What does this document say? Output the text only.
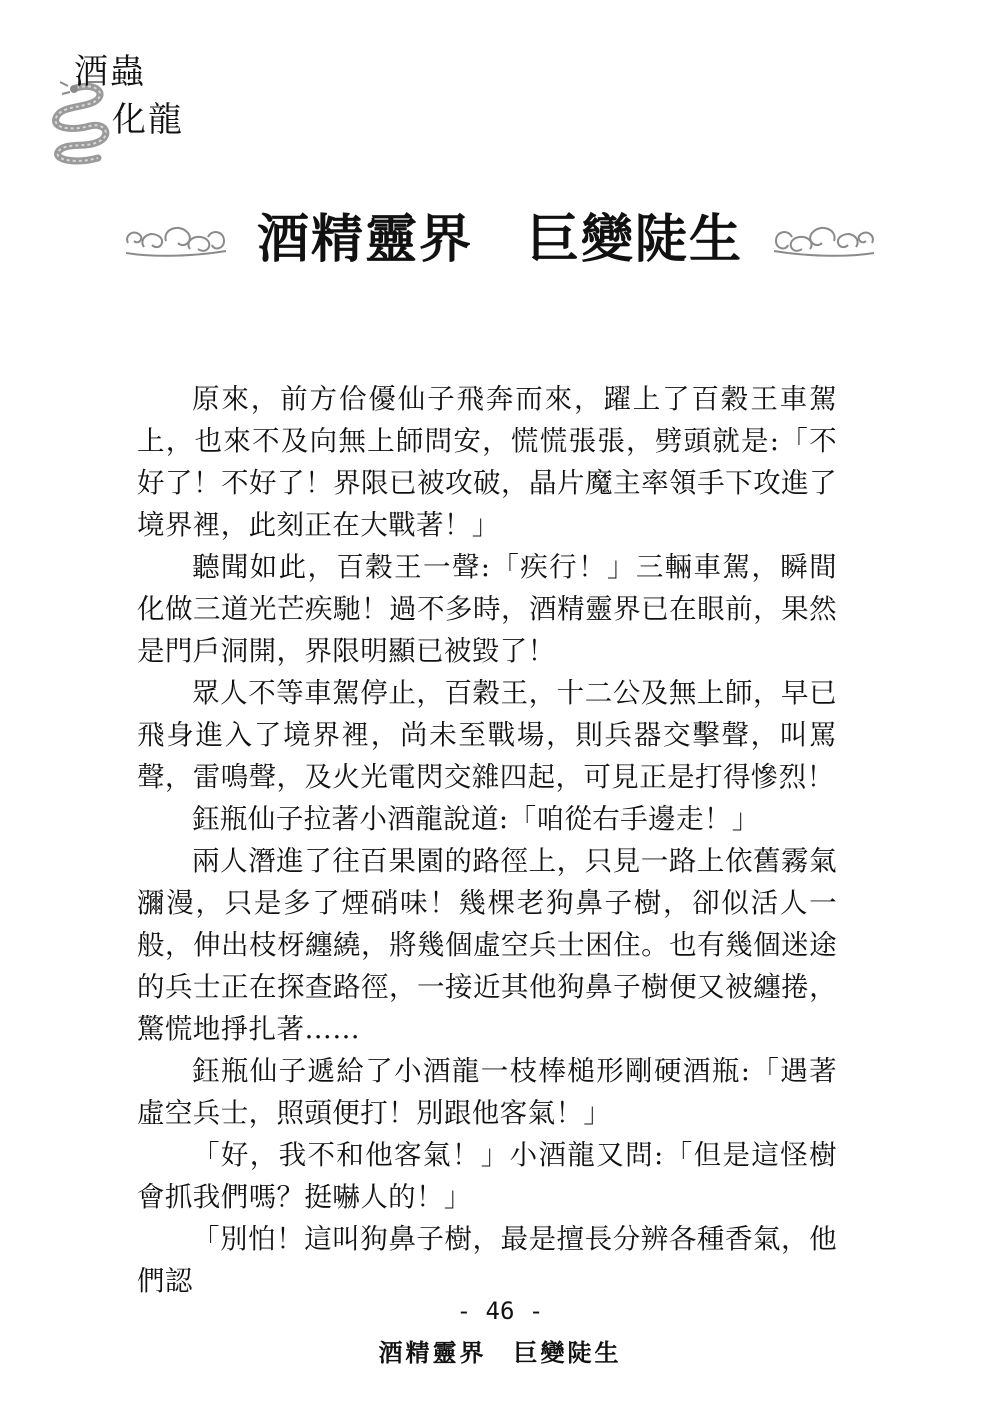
酒蟲
化龍
酒精靈界　巨變陡生

原來，前方佮優仙子飛奔而來，躍上了百穀王車駕上，也來不及向無上師問安，慌慌張張，劈頭就是:「不好了！不好了！界限已被攻破，晶片魔主率領手下攻進了境界裡，此刻正在大戰著！」

聽聞如此，百穀王一聲:「疾行！」三輛車駕，瞬間化做三道光芒疾馳！過不多時，酒精靈界已在眼前，果然是門戶洞開，界限明顯已被毀了！

眾人不等車駕停止，百穀王，十二公及無上師，早已飛身進入了境界裡，尚未至戰場，則兵器交擊聲，叫罵聲，雷鳴聲，及火光電閃交雜四起，可見正是打得慘烈！

鈺瓶仙子拉著小酒龍說道:「咱從右手邊走！」

兩人潛進了往百果園的路徑上，只見一路上依舊霧氣瀰漫，只是多了煙硝味！幾棵老狗鼻子樹，卻似活人一般，伸出枝枒纏繞，將幾個虛空兵士困住。也有幾個迷途的兵士正在探查路徑，一接近其他狗鼻子樹便又被纏捲，驚慌地掙扎著……

鈺瓶仙子遞給了小酒龍一枝棒槌形剛硬酒瓶:「遇著虛空兵士，照頭便打！別跟他客氣！」

「好，我不和他客氣！」小酒龍又問:「但是這怪樹會抓我們嗎？挺嚇人的！」

「別怕！這叫狗鼻子樹，最是擅長分辨各種香氣，他們認

- 46 -
酒精靈界　巨變陡生
